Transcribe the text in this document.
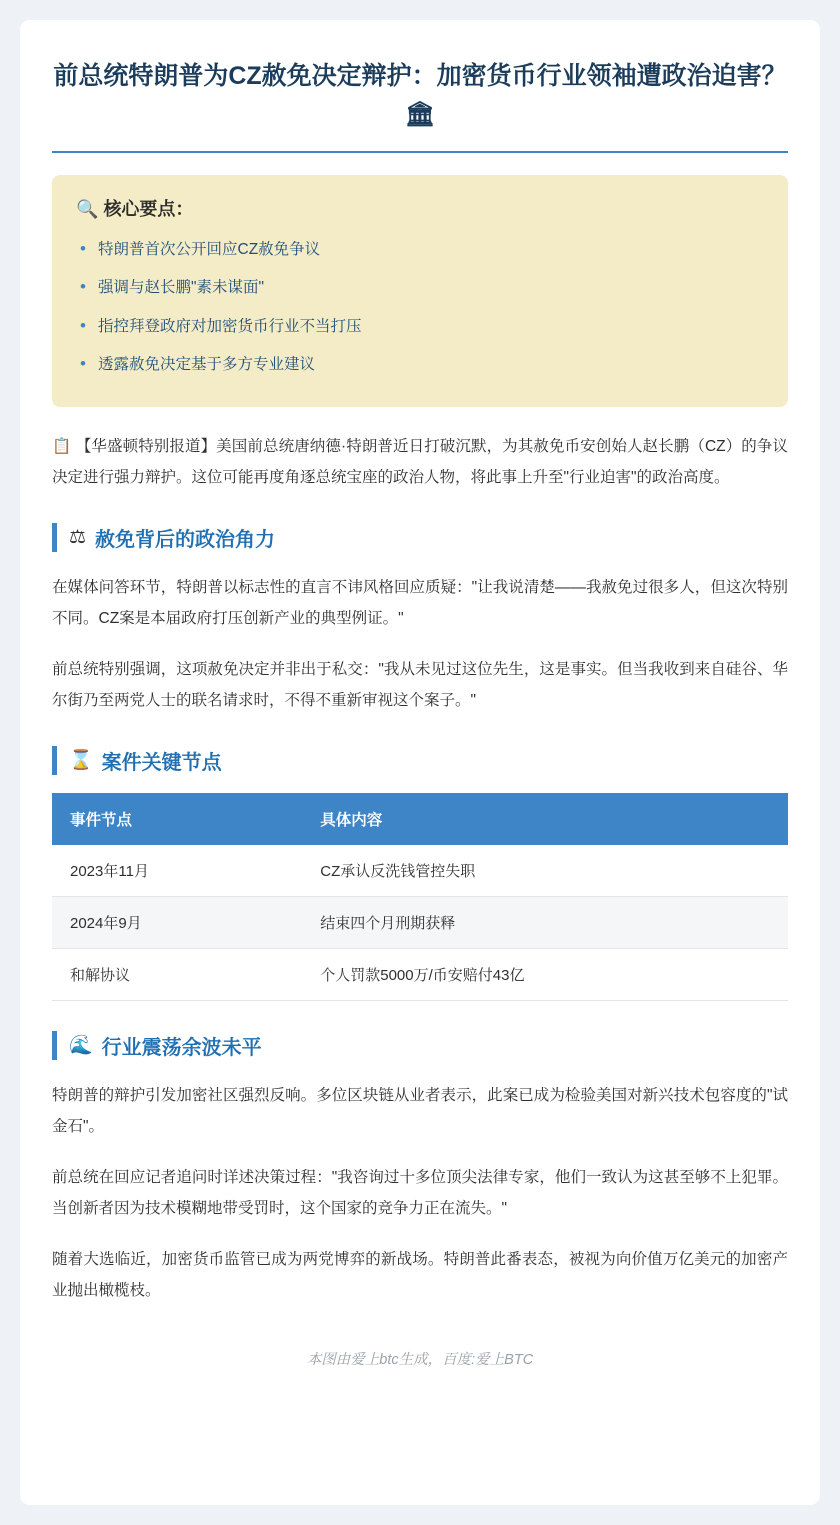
前总统特朗普为CZ赦免决定辩护：加密货币行业领袖遭政治迫害？ 🏛
🔍 核心要点：
• 特朗普首次公开回应CZ赦免争议
• 强调与赵长鹏"素未谋面"
• 指控拜登政府对加密货币行业不当打压
• 透露赦免决定基于多方专业建议

📋 【华盛顿特别报道】美国前总统唐纳德·特朗普近日打破沉默，为其赦免币安创始人赵长鹏（CZ）的争议决定进行强力辩护。这位可能再度角逐总统宝座的政治人物，将此事上升至"行业迫害"的政治高度。

⚖ 赦免背后的政治角力

在媒体问答环节，特朗普以标志性的直言不讳风格回应质疑："让我说清楚——我赦免过很多人，但这次特别不同。CZ案是本届政府打压创新产业的典型例证。"

前总统特别强调，这项赦免决定并非出于私交："我从未见过这位先生，这是事实。但当我收到来自硅谷、华尔街乃至两党人士的联名请求时，不得不重新审视这个案子。"

⌛ 案件关键节点
事件节点	具体内容
2023年11月	CZ承认反洗钱管控失职
2024年9月	结束四个月刑期获释
和解协议	个人罚款5000万/币安赔付43亿
🌊 行业震荡余波未平

特朗普的辩护引发加密社区强烈反响。多位区块链从业者表示，此案已成为检验美国对新兴技术包容度的"试金石"。

前总统在回应记者追问时详述决策过程："我咨询过十多位顶尖法律专家，他们一致认为这甚至够不上犯罪。当创新者因为技术模糊地带受罚时，这个国家的竞争力正在流失。"

随着大选临近，加密货币监管已成为两党博弈的新战场。特朗普此番表态，被视为向价值万亿美元的加密产业抛出橄榄枝。

本图由爱上btc生成，百度:爱上BTC
